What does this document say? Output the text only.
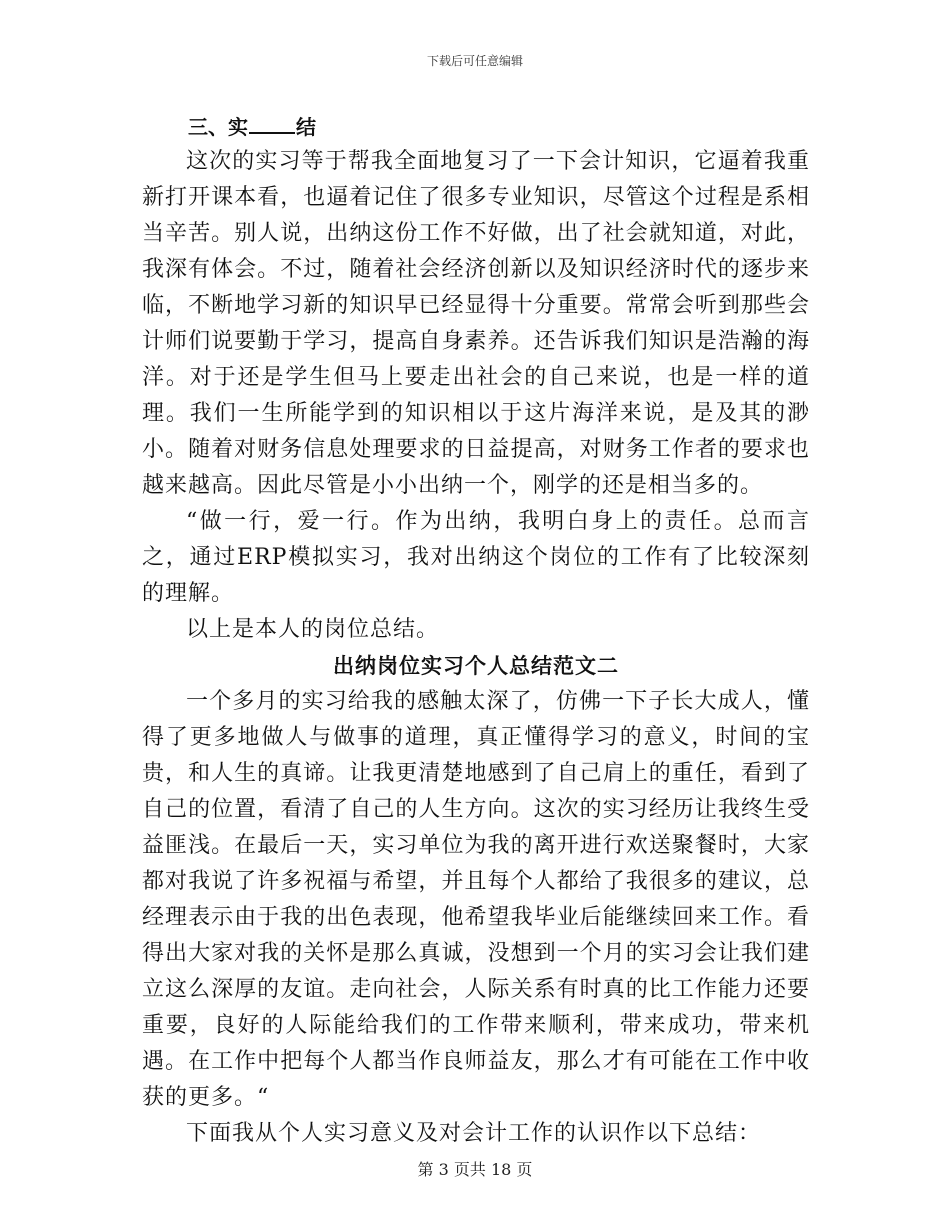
下载后可任意编辑
三、实 结

这次的实习等于帮我全面地复习了一下会计知识，它逼着我重新打开课本看，也逼着记住了很多专业知识，尽管这个过程是系相当辛苦。别人说，出纳这份工作不好做，出了社会就知道，对此，我深有体会。不过，随着社会经济创新以及知识经济时代的逐步来临，不断地学习新的知识早已经显得十分重要。常常会听到那些会计师们说要勤于学习，提高自身素养。还告诉我们知识是浩瀚的海洋。对于还是学生但马上要走出社会的自己来说，也是一样的道理。我们一生所能学到的知识相以于这片海洋来说，是及其的渺小。随着对财务信息处理要求的日益提高，对财务工作者的要求也越来越高。因此尽管是小小出纳一个，刚学的还是相当多的。

“做一行，爱一行。作为出纳，我明白身上的责任。总而言之，通过ERP模拟实习，我对出纳这个岗位的工作有了比较深刻的理解。

以上是本人的岗位总结。

出纳岗位实习个人总结范文二

一个多月的实习给我的感触太深了，仿佛一下子长大成人，懂得了更多地做人与做事的道理，真正懂得学习的意义，时间的宝贵，和人生的真谛。让我更清楚地感到了自己肩上的重任，看到了自己的位置，看清了自己的人生方向。这次的实习经历让我终生受益匪浅。在最后一天，实习单位为我的离开进行欢送聚餐时，大家都对我说了许多祝福与希望，并且每个人都给了我很多的建议，总经理表示由于我的出色表现，他希望我毕业后能继续回来工作。看得出大家对我的关怀是那么真诚，没想到一个月的实习会让我们建立这么深厚的友谊。走向社会，人际关系有时真的比工作能力还要重要，良好的人际能给我们的工作带来顺利，带来成功，带来机遇。在工作中把每个人都当作良师益友，那么才有可能在工作中收获的更多。“

下面我从个人实习意义及对会计工作的认识作以下总结：

第 3 页共 18 页
